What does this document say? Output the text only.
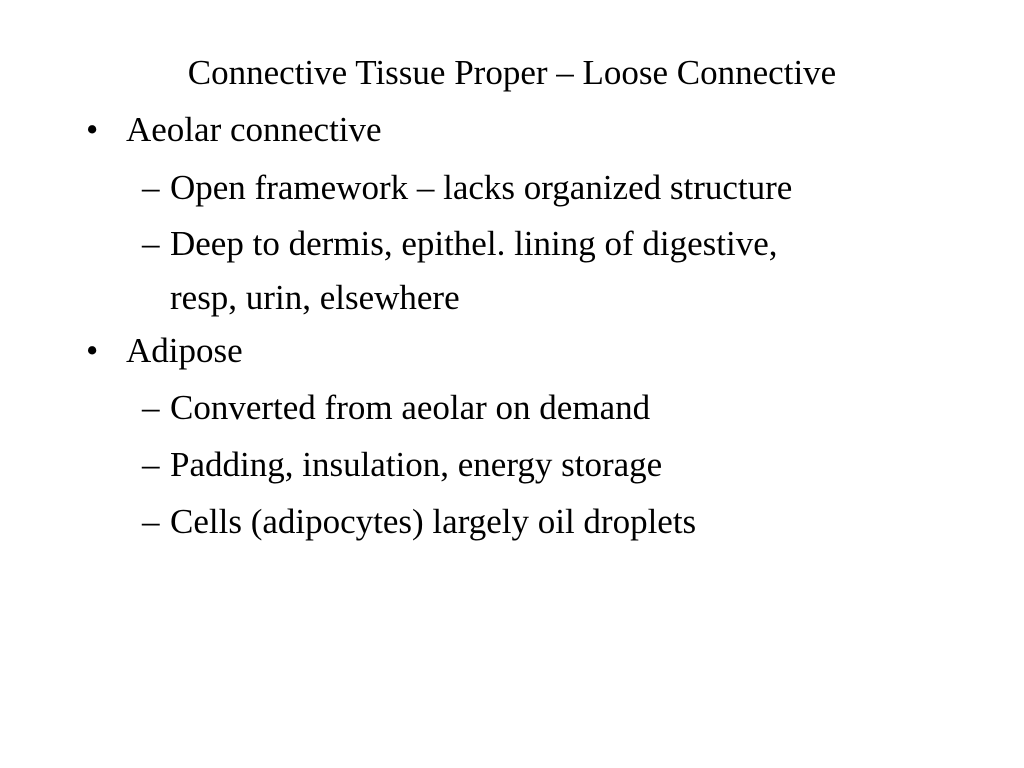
Connective Tissue Proper – Loose Connective
• Aeolar connective
– Open framework – lacks organized structure
– Deep to dermis, epithel. lining of digestive,
resp, urin, elsewhere
• Adipose
– Converted from aeolar on demand
– Padding, insulation, energy storage
– Cells (adipocytes) largely oil droplets
